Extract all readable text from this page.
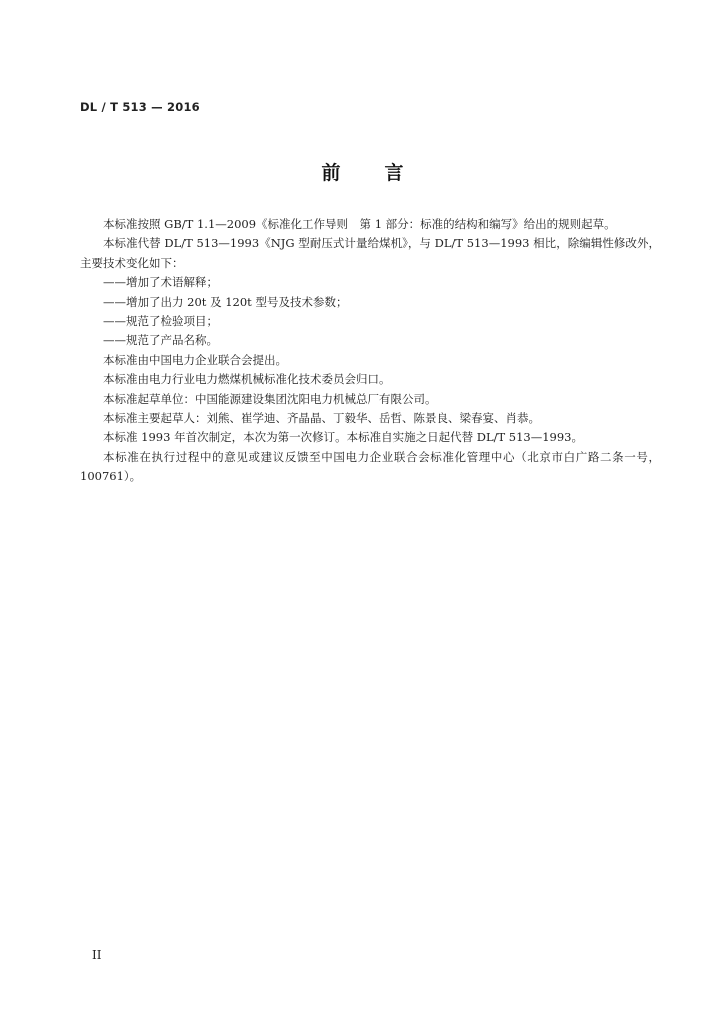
DL / T 513 — 2016
前 言

本标准按照 GB/T 1.1—2009《标准化工作导则　第 1 部分：标准的结构和编写》给出的规则起草。

本标准代替 DL/T 513—1993《NJG 型耐压式计量给煤机》，与 DL/T 513—1993 相比，除编辑性修改外，主要技术变化如下：

——增加了术语解释；

——增加了出力 20t 及 120t 型号及技术参数；

——规范了检验项目；

——规范了产品名称。

本标准由中国电力企业联合会提出。

本标准由电力行业电力燃煤机械标准化技术委员会归口。

本标准起草单位：中国能源建设集团沈阳电力机械总厂有限公司。

本标准主要起草人：刘熊、崔学迪、齐晶晶、丁毅华、岳哲、陈景良、梁春宴、肖恭。

本标准 1993 年首次制定，本次为第一次修订。本标准自实施之日起代替 DL/T 513—1993。

本标准在执行过程中的意见或建议反馈至中国电力企业联合会标准化管理中心（北京市白广路二条一号，100761）。

II
